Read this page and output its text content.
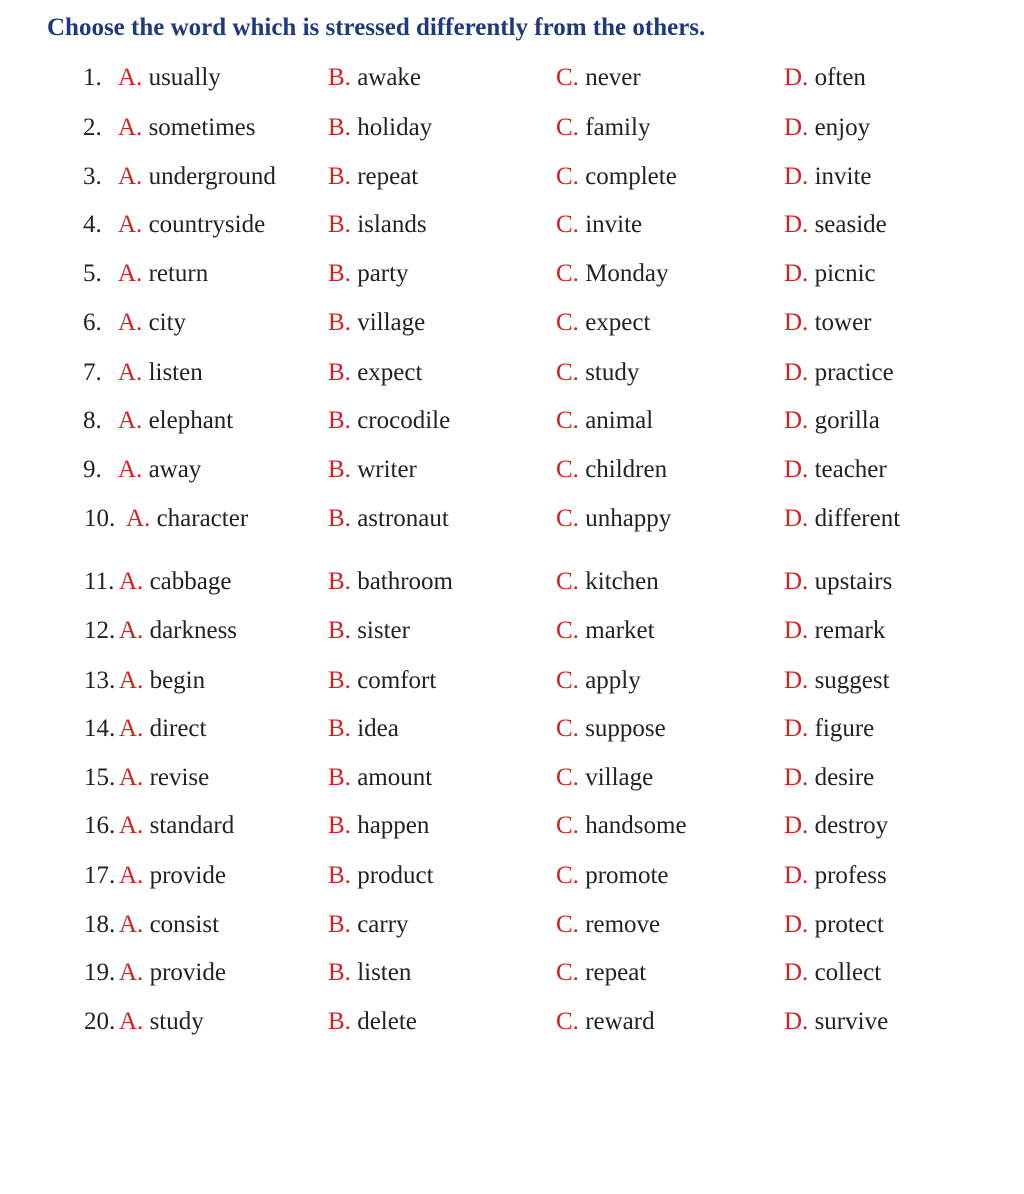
Choose the word which is stressed differently from the others.
1. A. usually	B. awake	C. never	D. often
2. A. sometimes	B. holiday	C. family	D. enjoy
3. A. underground B. repeat	C. complete	D. invite
4. A. countryside	B. islands	C. invite	D. seaside
5. A. return	B. party	C. Monday	D. picnic
6. A. city	B. village	C. expect	D. tower
7. A. listen	B. expect	C. study	D. practice
8. A. elephant	B. crocodile	C. animal	D. gorilla
9. A. away	B. writer	C. children	D. teacher
10. A. character	B. astronaut	C. unhappy	D. different
11. A. cabbage	B. bathroom	C. kitchen	D. upstairs
12. A. darkness	B. sister	C. market	D. remark
13. A. begin	B. comfort	C. apply	D. suggest
14. A. direct	B. idea	C. suppose	D. figure
15. A. revise	B. amount	C. village	D. desire
16. A. standard	B. happen	C. handsome	D. destroy
17. A. provide	B. product	C. promote	D. profess
18. A. consist	B. carry	C. remove	D. protect
19. A. provide	B. listen	C. repeat	D. collect
20. A. study	B. delete	C. reward	D. survive
